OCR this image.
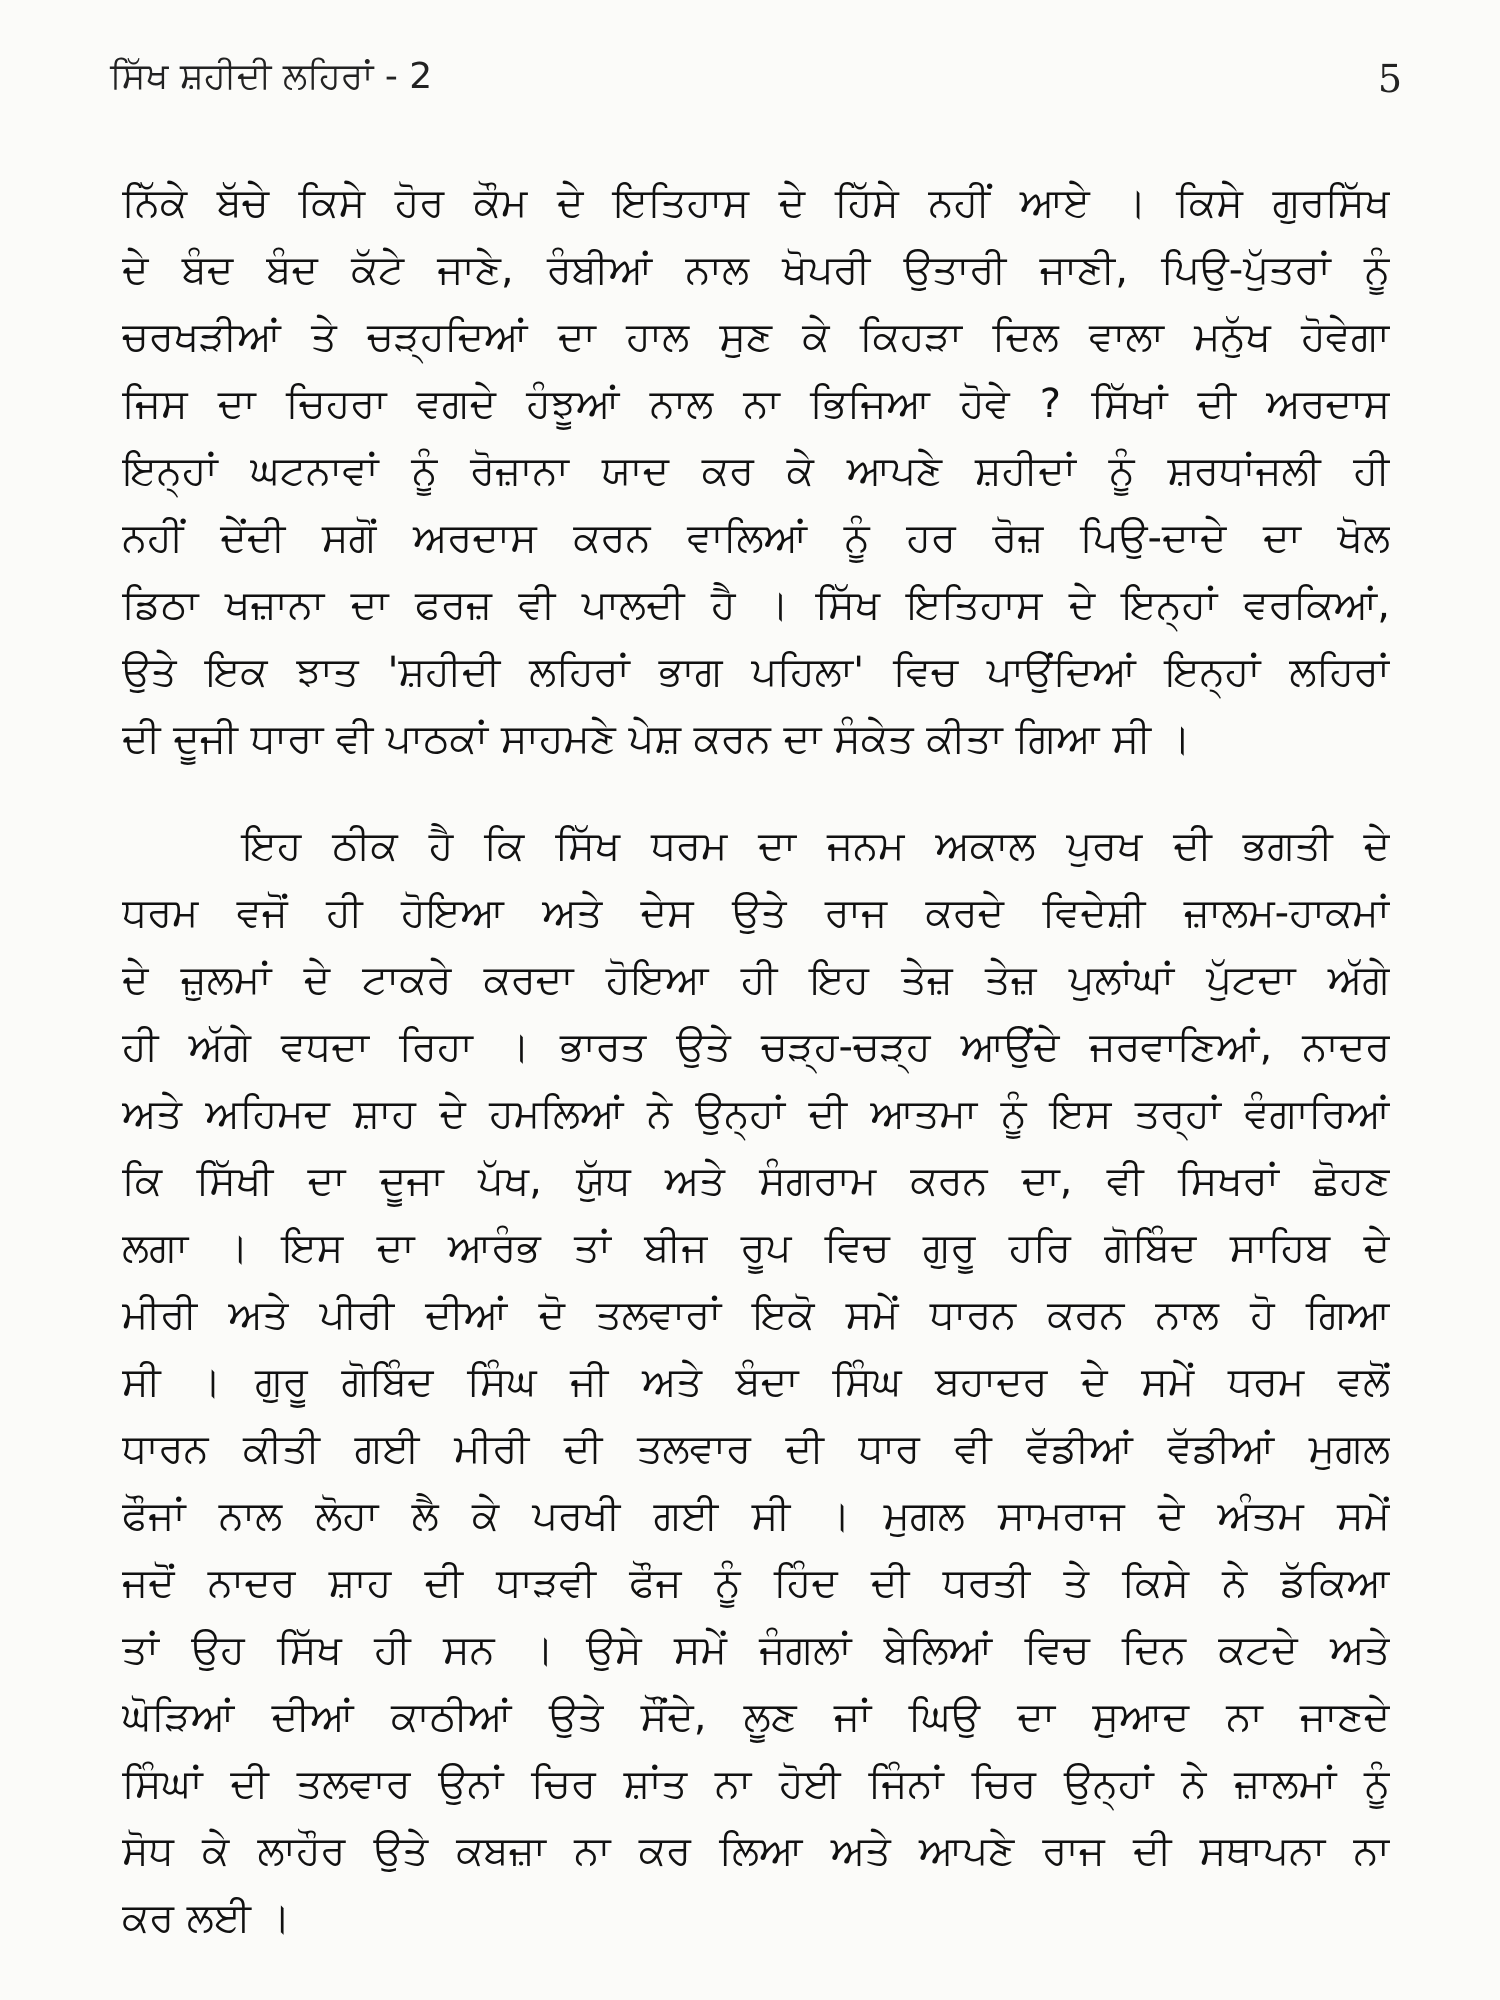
ਸਿੱਖ ਸ਼ਹੀਦੀ ਲਹਿਰਾਂ - 2	5
ਨਿੱਕੇ ਬੱਚੇ ਕਿਸੇ ਹੋਰ ਕੌਮ ਦੇ ਇਤਿਹਾਸ ਦੇ ਹਿੱਸੇ ਨਹੀਂ ਆਏ । ਕਿਸੇ ਗੁਰਸਿੱਖ
ਦੇ ਬੰਦ ਬੰਦ ਕੱਟੇ ਜਾਣੇ, ਰੰਬੀਆਂ ਨਾਲ ਖੋਪਰੀ ਉਤਾਰੀ ਜਾਣੀ, ਪਿਉ-ਪੁੱਤਰਾਂ ਨੂੰ
ਚਰਖੜੀਆਂ ਤੇ ਚੜ੍ਹਦਿਆਂ ਦਾ ਹਾਲ ਸੁਣ ਕੇ ਕਿਹੜਾ ਦਿਲ ਵਾਲਾ ਮਨੁੱਖ ਹੋਵੇਗਾ
ਜਿਸ ਦਾ ਚਿਹਰਾ ਵਗਦੇ ਹੰਝੂਆਂ ਨਾਲ ਨਾ ਭਿਜਿਆ ਹੋਵੇ ? ਸਿੱਖਾਂ ਦੀ ਅਰਦਾਸ
ਇਨ੍ਹਾਂ ਘਟਨਾਵਾਂ ਨੂੰ ਰੋਜ਼ਾਨਾ ਯਾਦ ਕਰ ਕੇ ਆਪਣੇ ਸ਼ਹੀਦਾਂ ਨੂੰ ਸ਼ਰਧਾਂਜਲੀ ਹੀ
ਨਹੀਂ ਦੇਂਦੀ ਸਗੋਂ ਅਰਦਾਸ ਕਰਨ ਵਾਲਿਆਂ ਨੂੰ ਹਰ ਰੋਜ਼ ਪਿਉ-ਦਾਦੇ ਦਾ ਖੋਲ
ਡਿਠਾ ਖਜ਼ਾਨਾ ਦਾ ਫਰਜ਼ ਵੀ ਪਾਲਦੀ ਹੈ । ਸਿੱਖ ਇਤਿਹਾਸ ਦੇ ਇਨ੍ਹਾਂ ਵਰਕਿਆਂ,
ਉਤੇ ਇਕ ਝਾਤ 'ਸ਼ਹੀਦੀ ਲਹਿਰਾਂ ਭਾਗ ਪਹਿਲਾ' ਵਿਚ ਪਾਉਂਦਿਆਂ ਇਨ੍ਹਾਂ ਲਹਿਰਾਂ
ਦੀ ਦੂਜੀ ਧਾਰਾ ਵੀ ਪਾਠਕਾਂ ਸਾਹਮਣੇ ਪੇਸ਼ ਕਰਨ ਦਾ ਸੰਕੇਤ ਕੀਤਾ ਗਿਆ ਸੀ ।
ਇਹ ਠੀਕ ਹੈ ਕਿ ਸਿੱਖ ਧਰਮ ਦਾ ਜਨਮ ਅਕਾਲ ਪੁਰਖ ਦੀ ਭਗਤੀ ਦੇ
ਧਰਮ ਵਜੋਂ ਹੀ ਹੋਇਆ ਅਤੇ ਦੇਸ ਉਤੇ ਰਾਜ ਕਰਦੇ ਵਿਦੇਸ਼ੀ ਜ਼ਾਲਮ-ਹਾਕਮਾਂ
ਦੇ ਜ਼ੁਲਮਾਂ ਦੇ ਟਾਕਰੇ ਕਰਦਾ ਹੋਇਆ ਹੀ ਇਹ ਤੇਜ਼ ਤੇਜ਼ ਪੁਲਾਂਘਾਂ ਪੁੱਟਦਾ ਅੱਗੇ
ਹੀ ਅੱਗੇ ਵਧਦਾ ਰਿਹਾ । ਭਾਰਤ ਉਤੇ ਚੜ੍ਹ-ਚੜ੍ਹ ਆਉਂਦੇ ਜਰਵਾਣਿਆਂ, ਨਾਦਰ
ਅਤੇ ਅਹਿਮਦ ਸ਼ਾਹ ਦੇ ਹਮਲਿਆਂ ਨੇ ਉਨ੍ਹਾਂ ਦੀ ਆਤਮਾ ਨੂੰ ਇਸ ਤਰ੍ਹਾਂ ਵੰਗਾਰਿਆਂ
ਕਿ ਸਿੱਖੀ ਦਾ ਦੂਜਾ ਪੱਖ, ਯੁੱਧ ਅਤੇ ਸੰਗਰਾਮ ਕਰਨ ਦਾ, ਵੀ ਸਿਖਰਾਂ ਛੋਹਣ
ਲਗਾ । ਇਸ ਦਾ ਆਰੰਭ ਤਾਂ ਬੀਜ ਰੂਪ ਵਿਚ ਗੁਰੂ ਹਰਿ ਗੋਬਿੰਦ ਸਾਹਿਬ ਦੇ
ਮੀਰੀ ਅਤੇ ਪੀਰੀ ਦੀਆਂ ਦੋ ਤਲਵਾਰਾਂ ਇਕੋ ਸਮੇਂ ਧਾਰਨ ਕਰਨ ਨਾਲ ਹੋ ਗਿਆ
ਸੀ । ਗੁਰੂ ਗੋਬਿੰਦ ਸਿੰਘ ਜੀ ਅਤੇ ਬੰਦਾ ਸਿੰਘ ਬਹਾਦਰ ਦੇ ਸਮੇਂ ਧਰਮ ਵਲੋਂ
ਧਾਰਨ ਕੀਤੀ ਗਈ ਮੀਰੀ ਦੀ ਤਲਵਾਰ ਦੀ ਧਾਰ ਵੀ ਵੱਡੀਆਂ ਵੱਡੀਆਂ ਮੁਗਲ
ਫੌਜਾਂ ਨਾਲ ਲੋਹਾ ਲੈ ਕੇ ਪਰਖੀ ਗਈ ਸੀ । ਮੁਗਲ ਸਾਮਰਾਜ ਦੇ ਅੰਤਮ ਸਮੇਂ
ਜਦੋਂ ਨਾਦਰ ਸ਼ਾਹ ਦੀ ਧਾੜਵੀ ਫੌਜ ਨੂੰ ਹਿੰਦ ਦੀ ਧਰਤੀ ਤੇ ਕਿਸੇ ਨੇ ਡੱਕਿਆ
ਤਾਂ ਉਹ ਸਿੱਖ ਹੀ ਸਨ । ਉਸੇ ਸਮੇਂ ਜੰਗਲਾਂ ਬੇਲਿਆਂ ਵਿਚ ਦਿਨ ਕਟਦੇ ਅਤੇ
ਘੋੜਿਆਂ ਦੀਆਂ ਕਾਠੀਆਂ ਉਤੇ ਸੌਂਦੇ, ਲੂਣ ਜਾਂ ਘਿਉ ਦਾ ਸੁਆਦ ਨਾ ਜਾਣਦੇ
ਸਿੰਘਾਂ ਦੀ ਤਲਵਾਰ ਉਨਾਂ ਚਿਰ ਸ਼ਾਂਤ ਨਾ ਹੋਈ ਜਿੰਨਾਂ ਚਿਰ ਉਨ੍ਹਾਂ ਨੇ ਜ਼ਾਲਮਾਂ ਨੂੰ
ਸੋਧ ਕੇ ਲਾਹੌਰ ਉਤੇ ਕਬਜ਼ਾ ਨਾ ਕਰ ਲਿਆ ਅਤੇ ਆਪਣੇ ਰਾਜ ਦੀ ਸਥਾਪਨਾ ਨਾ
ਕਰ ਲਈ ।
